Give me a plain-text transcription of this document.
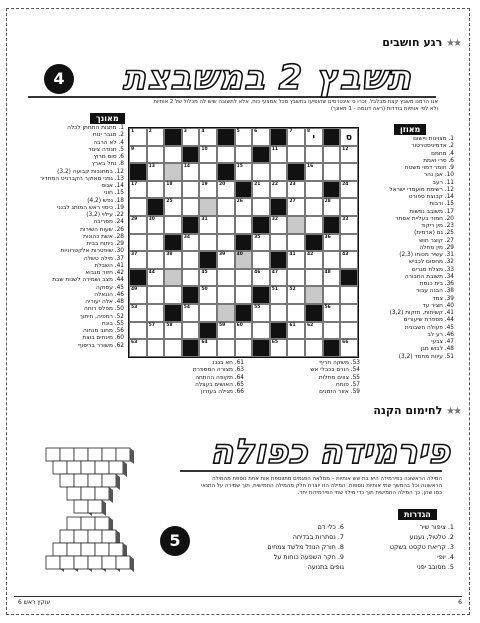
★★ רגע חושבים
תשבץ 2 במשבצת
4
אנו הרמנו משבץ קצת מבלבל. זכרו כי אינטרסים שהופיעו בתשבץ מכל אמצעי כוח, אלא לתשובה שיש לה מכלול של 2 אותיות
ולא לפי אותיות בודדות (ראה דוגמה - 1 מאונך)
מאוזן
מאונך
1. מצוינות ויישום
2. אדמיניסטרטור
4. מחמם
6. סרי ואמת
9. חומר דמוי משטח
10. אגן נהר
11. רעב
12. רשימת מועמדי ישראל
14. קבוצת ספורט
15. ורבות
17. משובב נפשות
20. חמור בעליית אסתר
23. מין ריקוד
25. גם (ארמית)
27. קוצר חוש
29. מין מחלה
31. עשיר מכוחו (2,3)
32. מחסום לכביש
33. מצלת מגרים
34. תשובת החבורה
36. בית כנסת
38. הבנה עבור
39. צמד
40. חציר עד
41. קשיחות, חזקות (3,2)
44. מספרת שיעורים
45. פעולה חשבונית
46. רע לב
47. צבעי
48. לבוש מגן
51. עיוות מחמד (3,2)
1. מתגות התחתן לכלה
2. מגבר ינוח
4. לא הרבה
5. תנודה צינור
6. סוס מרוץ
8. נחל בארץ
12. במחנכות קבועה (3,2)
13. גפני מאוקר הקברניט המחדיר
14. אנוס
15. חוני
18. נפש (4,2)
19. כיסוי ראש המותג לבנני
22. עילוי (3,2)
24. מסריבה
26. שעות השירות
28. אשת כהונות
29. ניתוח בבית
30. שופטרות אלקטרוניות
37. מילה טשלה
41. השבלת
42. חזור מגבוא
44. מצב ושמירה לשנות שבת
45. עסוקה
46. הוגאלה
48. אלה יעוריה
50. מפלס רוחה
52. רמפיה, חיתוך
55. בונח
56. מחוב מנחוה
60. מינחים בוצת
62. משורר בריסוף
1	2	3	4	5	6	7	8
י	ס
9	10	11	12
13	14	15	16
17	18	19	20	21	22	23	24
25	26	27	28
29	30	31	32	33
34	35	36
37	38	39	40	41	42	43
44	45	46	47	48
49	50	51	52
53	54	55	56
57	58	59	60	61	62
63	64	65	66
53. משקה חריף
61. חא בנבנ
54. הורם בכבלי אש
63. מצורה המספרת
55. צווים מתלות
64. תקופה ההתחה
57. פומח
65. האושים בעצלה
59. אזור הזמנים
66. מגילה בעזרון
★★ לחימום הקנה
פירמידה כפולה
המילה הראשונה בפירמידה היא בת שש אותיות – ממלאה הפגמים מתווספת אות אחת נוספת מהמילה
הראשונה וכל בהמשך שתי אותיות נוספות. המילה הזו יוצרת חלק מהמילה החמישית, תוך שמירה על התנאי
כמו שהן, כך המילה החמישית תוך כדי מילוי שתי הפירמידות יחד.
הגדרות
1. ציפור שיר
2. טלטול, נענוע
3. קריאת טקסט בשקט
4. יופי
5. מסובב יפני
6. כלי דם
7. נסתרות בבדיחה
8. חורק הנוזל מלשד צמחים
9. חקר השפעה כוחות על
גופים בתנועה
5
6
עוקץ ראש 6
